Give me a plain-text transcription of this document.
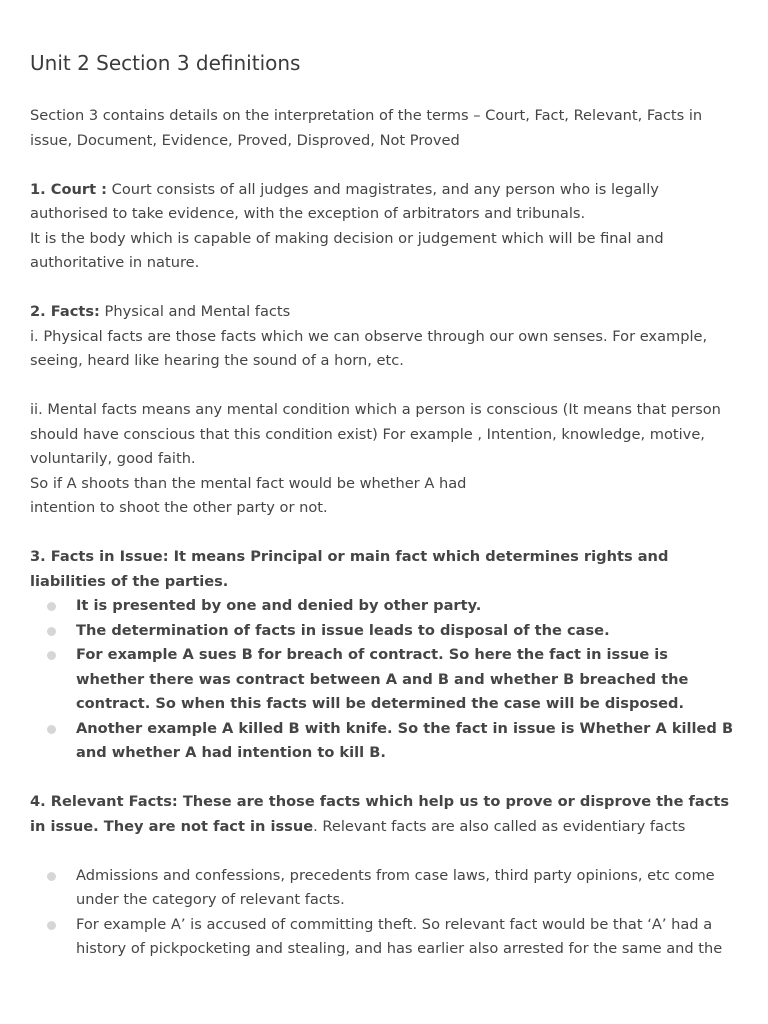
Unit 2 Section 3 definitions

Section 3 contains details on the interpretation of the terms – Court, Fact, Relevant, Facts in issue, Document, Evidence, Proved, Disproved, Not Proved

1. Court : Court consists of all judges and magistrates, and any person who is legally authorised to take evidence, with the exception of arbitrators and tribunals.

It is the body which is capable of making decision or judgement which will be final and authoritative in nature.

2. Facts: Physical and Mental facts

i. Physical facts are those facts which we can observe through our own senses. For example, seeing, heard like hearing the sound of a horn, etc.

ii. Mental facts means any mental condition which a person is conscious (It means that person should have conscious that this condition exist) For example , Intention, knowledge, motive, voluntarily, good faith.

So if A shoots than the mental fact would be whether A had

intention to shoot the other party or not.

3. Facts in Issue: It means Principal or main fact which determines rights and liabilities of the parties.

It is presented by one and denied by other party.
The determination of facts in issue leads to disposal of the case.
For example A sues B for breach of contract. So here the fact in issue is whether there was contract between A and B and whether B breached the contract. So when this facts will be determined the case will be disposed.
Another example A killed B with knife. So the fact in issue is Whether A killed B and whether A had intention to kill B.

4. Relevant Facts: These are those facts which help us to prove or disprove the facts in issue. They are not fact in issue. Relevant facts are also called as evidentiary facts

Admissions and confessions, precedents from case laws, third party opinions, etc come under the category of relevant facts.
For example A’ is accused of committing theft. So relevant fact would be that ‘A’ had a history of pickpocketing and stealing, and has earlier also arrested for the same and the
